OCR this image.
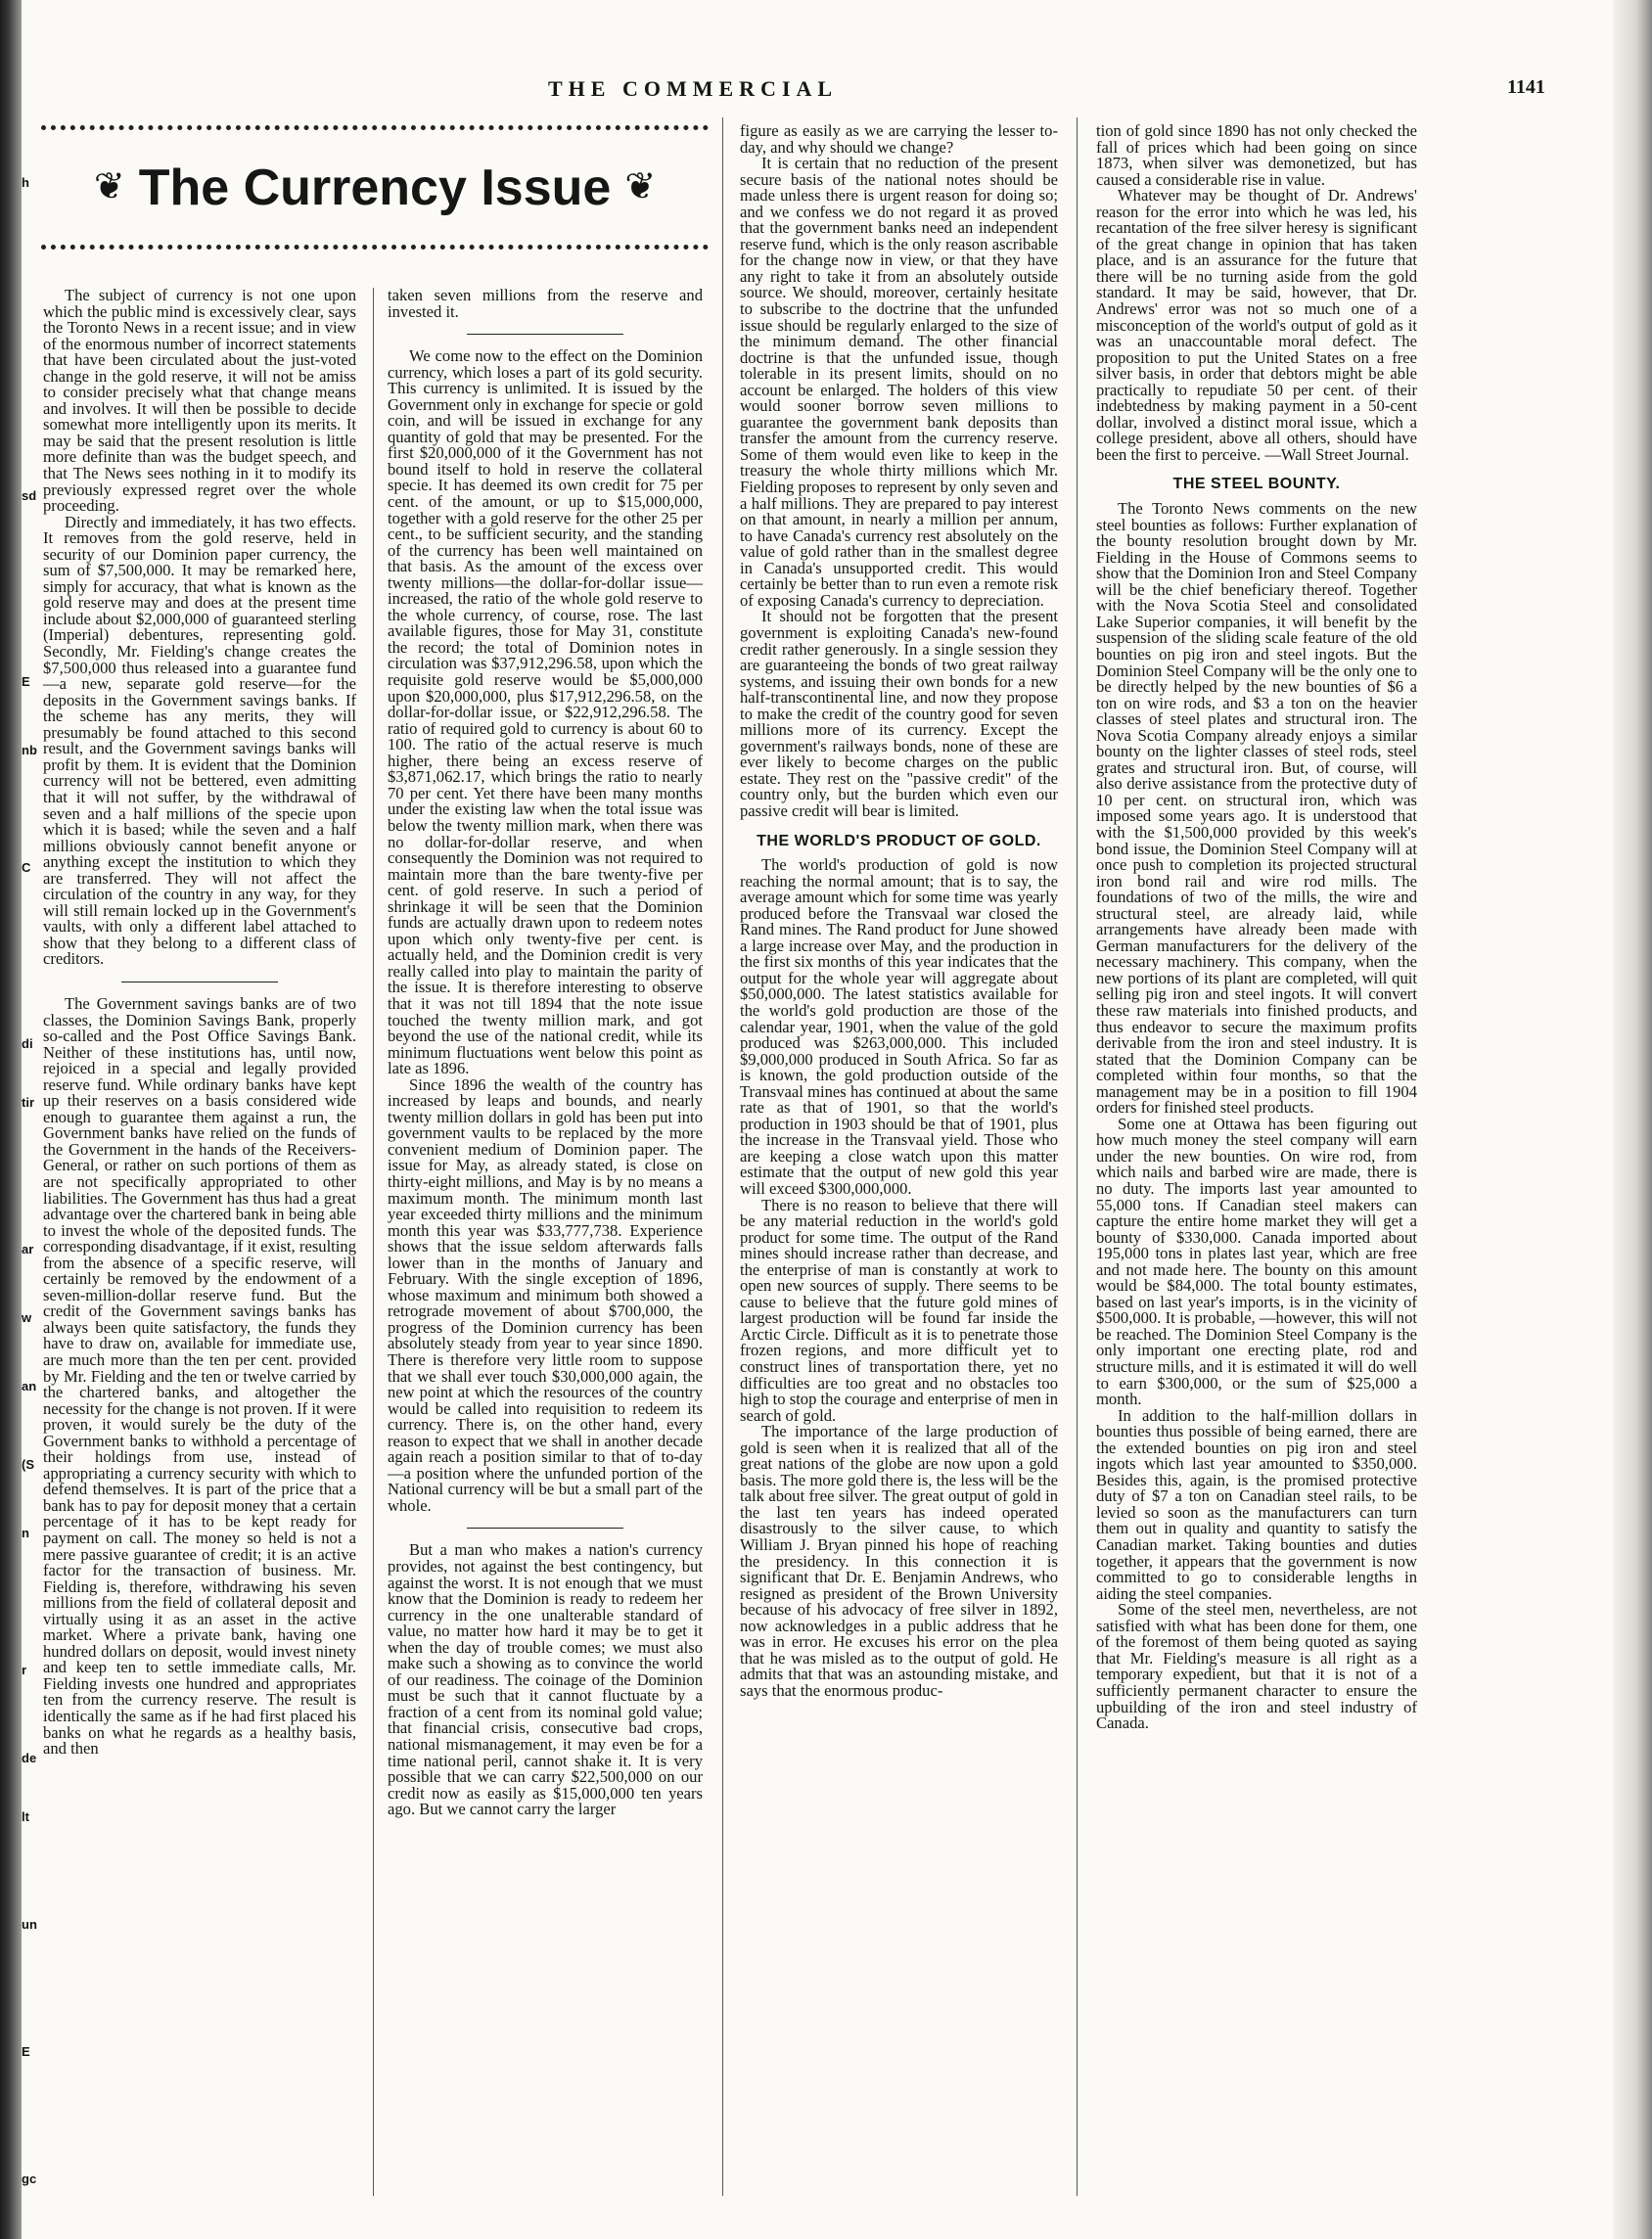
h
sd
E
nb
C
di
tir
ar
w
an
(S
n
r
de
lt
un
E
gc
THE COMMERCIAL	1141
❦ The Currency Issue ❦

The subject of currency is not one upon which the public mind is excessively clear, says the Toronto News in a recent issue; and in view of the enormous number of incorrect statements that have been circulated about the just-voted change in the gold reserve, it will not be amiss to consider precisely what that change means and involves. It will then be possible to decide somewhat more intelligently upon its merits. It may be said that the present resolution is little more definite than was the budget speech, and that The News sees nothing in it to modify its previously expressed regret over the whole proceeding.

Directly and immediately, it has two effects. It removes from the gold reserve, held in security of our Dominion paper currency, the sum of $7,500,000. It may be remarked here, simply for accuracy, that what is known as the gold reserve may and does at the present time include about $2,000,000 of guaranteed sterling (Imperial) debentures, representing gold. Secondly, Mr. Fielding's change creates the $7,500,000 thus released into a guarantee fund—a new, separate gold reserve—for the deposits in the Government savings banks. If the scheme has any merits, they will presumably be found attached to this second result, and the Government savings banks will profit by them. It is evident that the Dominion currency will not be bettered, even admitting that it will not suffer, by the withdrawal of seven and a half millions of the specie upon which it is based; while the seven and a half millions obviously cannot benefit anyone or anything except the institution to which they are transferred. They will not affect the circulation of the country in any way, for they will still remain locked up in the Government's vaults, with only a different label attached to show that they belong to a different class of creditors.

The Government savings banks are of two classes, the Dominion Savings Bank, properly so-called and the Post Office Savings Bank. Neither of these institutions has, until now, rejoiced in a special and legally provided reserve fund. While ordinary banks have kept up their reserves on a basis considered wide enough to guarantee them against a run, the Government banks have relied on the funds of the Government in the hands of the Receivers-General, or rather on such portions of them as are not specifically appropriated to other liabilities. The Government has thus had a great advantage over the chartered bank in being able to invest the whole of the deposited funds. The corresponding disadvantage, if it exist, resulting from the absence of a specific reserve, will certainly be removed by the endowment of a seven-million-dollar reserve fund. But the credit of the Government savings banks has always been quite satisfactory, the funds they have to draw on, available for immediate use, are much more than the ten per cent. provided by Mr. Fielding and the ten or twelve carried by the chartered banks, and altogether the necessity for the change is not proven. If it were proven, it would surely be the duty of the Government banks to withhold a percentage of their holdings from use, instead of appropriating a currency security with which to defend themselves. It is part of the price that a bank has to pay for deposit money that a certain percentage of it has to be kept ready for payment on call. The money so held is not a mere passive guarantee of credit; it is an active factor for the transaction of business. Mr. Fielding is, therefore, withdrawing his seven millions from the field of collateral deposit and virtually using it as an asset in the active market. Where a private bank, having one hundred dollars on deposit, would invest ninety and keep ten to settle immediate calls, Mr. Fielding invests one hundred and appropriates ten from the currency reserve. The result is identically the same as if he had first placed his banks on what he regards as a healthy basis, and then

taken seven millions from the reserve and invested it.

We come now to the effect on the Dominion currency, which loses a part of its gold security. This currency is unlimited. It is issued by the Government only in exchange for specie or gold coin, and will be issued in exchange for any quantity of gold that may be presented. For the first $20,000,000 of it the Government has not bound itself to hold in reserve the collateral specie. It has deemed its own credit for 75 per cent. of the amount, or up to $15,000,000, together with a gold reserve for the other 25 per cent., to be sufficient security, and the standing of the currency has been well maintained on that basis. As the amount of the excess over twenty millions—the dollar-for-dollar issue—increased, the ratio of the whole gold reserve to the whole currency, of course, rose. The last available figures, those for May 31, constitute the record; the total of Dominion notes in circulation was $37,912,296.58, upon which the requisite gold reserve would be $5,000,000 upon $20,000,000, plus $17,912,296.58, on the dollar-for-dollar issue, or $22,912,296.58. The ratio of required gold to currency is about 60 to 100. The ratio of the actual reserve is much higher, there being an excess reserve of $3,871,062.17, which brings the ratio to nearly 70 per cent. Yet there have been many months under the existing law when the total issue was below the twenty million mark, when there was no dollar-for-dollar reserve, and when consequently the Dominion was not required to maintain more than the bare twenty-five per cent. of gold reserve. In such a period of shrinkage it will be seen that the Dominion funds are actually drawn upon to redeem notes upon which only twenty-five per cent. is actually held, and the Dominion credit is very really called into play to maintain the parity of the issue. It is therefore interesting to observe that it was not till 1894 that the note issue touched the twenty million mark, and got beyond the use of the national credit, while its minimum fluctuations went below this point as late as 1896.

Since 1896 the wealth of the country has increased by leaps and bounds, and nearly twenty million dollars in gold has been put into government vaults to be replaced by the more convenient medium of Dominion paper. The issue for May, as already stated, is close on thirty-eight millions, and May is by no means a maximum month. The minimum month last year exceeded thirty millions and the minimum month this year was $33,777,738. Experience shows that the issue seldom afterwards falls lower than in the months of January and February. With the single exception of 1896, whose maximum and minimum both showed a retrograde movement of about $700,000, the progress of the Dominion currency has been absolutely steady from year to year since 1890. There is therefore very little room to suppose that we shall ever touch $30,000,000 again, the new point at which the resources of the country would be called into requisition to redeem its currency. There is, on the other hand, every reason to expect that we shall in another decade again reach a position similar to that of to-day—a position where the unfunded portion of the National currency will be but a small part of the whole.

But a man who makes a nation's currency provides, not against the best contingency, but against the worst. It is not enough that we must know that the Dominion is ready to redeem her currency in the one unalterable standard of value, no matter how hard it may be to get it when the day of trouble comes; we must also make such a showing as to convince the world of our readiness. The coinage of the Dominion must be such that it cannot fluctuate by a fraction of a cent from its nominal gold value; that financial crisis, consecutive bad crops, national mismanagement, it may even be for a time national peril, cannot shake it. It is very possible that we can carry $22,500,000 on our credit now as easily as $15,000,000 ten years ago. But we cannot carry the larger

figure as easily as we are carrying the lesser to-day, and why should we change?

It is certain that no reduction of the present secure basis of the national notes should be made unless there is urgent reason for doing so; and we confess we do not regard it as proved that the government banks need an independent reserve fund, which is the only reason ascribable for the change now in view, or that they have any right to take it from an absolutely outside source. We should, moreover, certainly hesitate to subscribe to the doctrine that the unfunded issue should be regularly enlarged to the size of the minimum demand. The other financial doctrine is that the unfunded issue, though tolerable in its present limits, should on no account be enlarged. The holders of this view would sooner borrow seven millions to guarantee the government bank deposits than transfer the amount from the currency reserve. Some of them would even like to keep in the treasury the whole thirty millions which Mr. Fielding proposes to represent by only seven and a half millions. They are prepared to pay interest on that amount, in nearly a million per annum, to have Canada's currency rest absolutely on the value of gold rather than in the smallest degree in Canada's unsupported credit. This would certainly be better than to run even a remote risk of exposing Canada's currency to depreciation.

It should not be forgotten that the present government is exploiting Canada's new-found credit rather generously. In a single session they are guaranteeing the bonds of two great railway systems, and issuing their own bonds for a new half-transcontinental line, and now they propose to make the credit of the country good for seven millions more of its currency. Except the government's railways bonds, none of these are ever likely to become charges on the public estate. They rest on the "passive credit" of the country only, but the burden which even our passive credit will bear is limited.

THE WORLD'S PRODUCT OF GOLD.

The world's production of gold is now reaching the normal amount; that is to say, the average amount which for some time was yearly produced before the Transvaal war closed the Rand mines. The Rand product for June showed a large increase over May, and the production in the first six months of this year indicates that the output for the whole year will aggregate about $50,000,000. The latest statistics available for the world's gold production are those of the calendar year, 1901, when the value of the gold produced was $263,000,000. This included $9,000,000 produced in South Africa. So far as is known, the gold production outside of the Transvaal mines has continued at about the same rate as that of 1901, so that the world's production in 1903 should be that of 1901, plus the increase in the Transvaal yield. Those who are keeping a close watch upon this matter estimate that the output of new gold this year will exceed $300,000,000.

There is no reason to believe that there will be any material reduction in the world's gold product for some time. The output of the Rand mines should increase rather than decrease, and the enterprise of man is constantly at work to open new sources of supply. There seems to be cause to believe that the future gold mines of largest production will be found far inside the Arctic Circle. Difficult as it is to penetrate those frozen regions, and more difficult yet to construct lines of transportation there, yet no difficulties are too great and no obstacles too high to stop the courage and enterprise of men in search of gold.

The importance of the large production of gold is seen when it is realized that all of the great nations of the globe are now upon a gold basis. The more gold there is, the less will be the talk about free silver. The great output of gold in the last ten years has indeed operated disastrously to the silver cause, to which William J. Bryan pinned his hope of reaching the presidency. In this connection it is significant that Dr. E. Benjamin Andrews, who resigned as president of the Brown University because of his advocacy of free silver in 1892, now acknowledges in a public address that he was in error. He excuses his error on the plea that he was misled as to the output of gold. He admits that that was an astounding mistake, and says that the enormous produc-

tion of gold since 1890 has not only checked the fall of prices which had been going on since 1873, when silver was demonetized, but has caused a considerable rise in value.

Whatever may be thought of Dr. Andrews' reason for the error into which he was led, his recantation of the free silver heresy is significant of the great change in opinion that has taken place, and is an assurance for the future that there will be no turning aside from the gold standard. It may be said, however, that Dr. Andrews' error was not so much one of a misconception of the world's output of gold as it was an unaccountable moral defect. The proposition to put the United States on a free silver basis, in order that debtors might be able practically to repudiate 50 per cent. of their indebtedness by making payment in a 50-cent dollar, involved a distinct moral issue, which a college president, above all others, should have been the first to perceive. —Wall Street Journal.

THE STEEL BOUNTY.

The Toronto News comments on the new steel bounties as follows: Further explanation of the bounty resolution brought down by Mr. Fielding in the House of Commons seems to show that the Dominion Iron and Steel Company will be the chief beneficiary thereof. Together with the Nova Scotia Steel and consolidated Lake Superior companies, it will benefit by the suspension of the sliding scale feature of the old bounties on pig iron and steel ingots. But the Dominion Steel Company will be the only one to be directly helped by the new bounties of $6 a ton on wire rods, and $3 a ton on the heavier classes of steel plates and structural iron. The Nova Scotia Company already enjoys a similar bounty on the lighter classes of steel rods, steel grates and structural iron. But, of course, will also derive assistance from the protective duty of 10 per cent. on structural iron, which was imposed some years ago. It is understood that with the $1,500,000 provided by this week's bond issue, the Dominion Steel Company will at once push to completion its projected structural iron bond rail and wire rod mills. The foundations of two of the mills, the wire and structural steel, are already laid, while arrangements have already been made with German manufacturers for the delivery of the necessary machinery. This company, when the new portions of its plant are completed, will quit selling pig iron and steel ingots. It will convert these raw materials into finished products, and thus endeavor to secure the maximum profits derivable from the iron and steel industry. It is stated that the Dominion Company can be completed within four months, so that the management may be in a position to fill 1904 orders for finished steel products.

Some one at Ottawa has been figuring out how much money the steel company will earn under the new bounties. On wire rod, from which nails and barbed wire are made, there is no duty. The imports last year amounted to 55,000 tons. If Canadian steel makers can capture the entire home market they will get a bounty of $330,000. Canada imported about 195,000 tons in plates last year, which are free and not made here. The bounty on this amount would be $84,000. The total bounty estimates, based on last year's imports, is in the vicinity of $500,000. It is probable, —however, this will not be reached. The Dominion Steel Company is the only important one erecting plate, rod and structure mills, and it is estimated it will do well to earn $300,000, or the sum of $25,000 a month.

In addition to the half-million dollars in bounties thus possible of being earned, there are the extended bounties on pig iron and steel ingots which last year amounted to $350,000. Besides this, again, is the promised protective duty of $7 a ton on Canadian steel rails, to be levied so soon as the manufacturers can turn them out in quality and quantity to satisfy the Canadian market. Taking bounties and duties together, it appears that the government is now committed to go to considerable lengths in aiding the steel companies.

Some of the steel men, nevertheless, are not satisfied with what has been done for them, one of the foremost of them being quoted as saying that Mr. Fielding's measure is all right as a temporary expedient, but that it is not of a sufficiently permanent character to ensure the upbuilding of the iron and steel industry of Canada.
